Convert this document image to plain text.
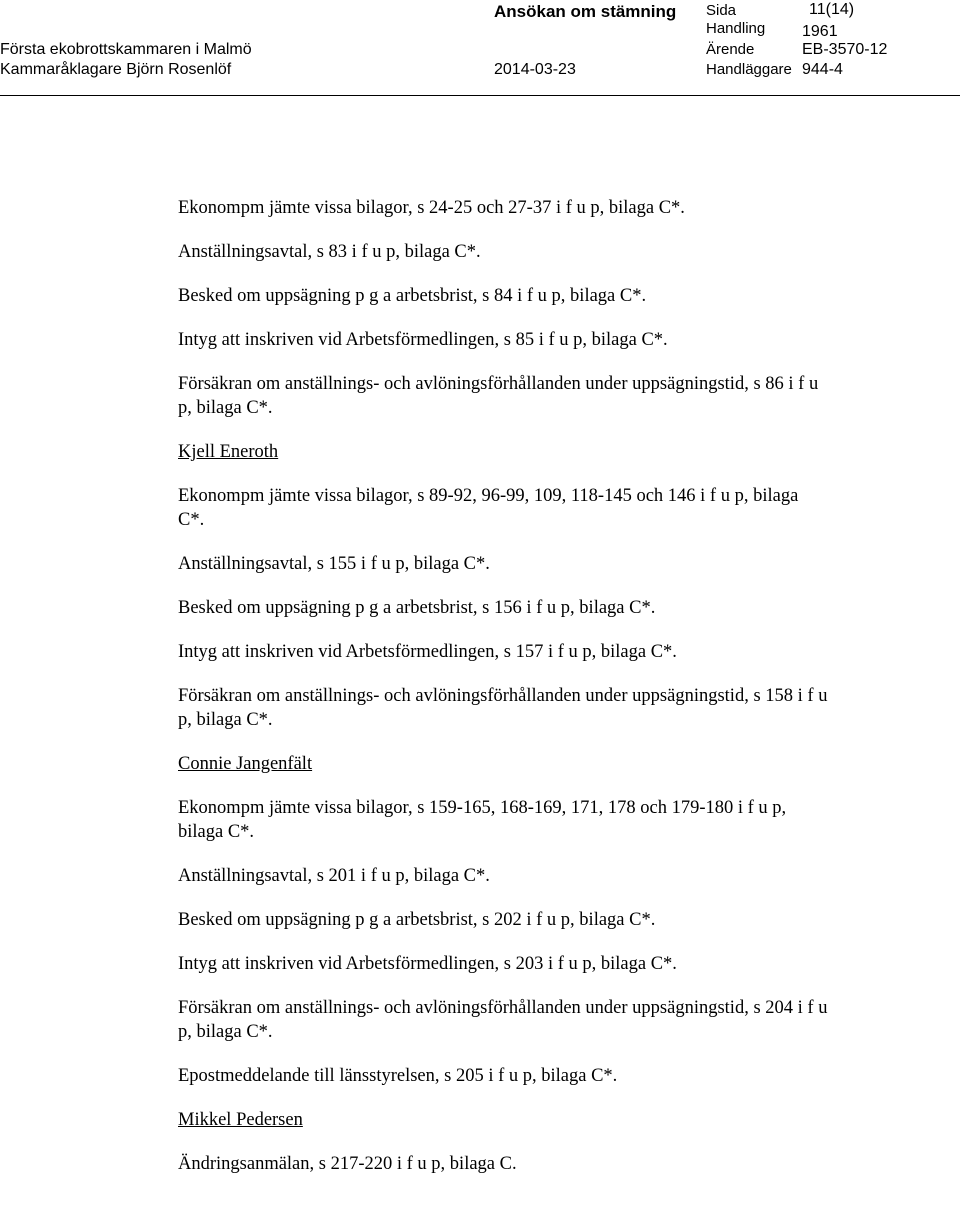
Ansökan om stämning
Första ekobrottskammaren i Malmö
Kammaråklagare Björn Rosenlöf	2014-03-23
Sida	11(14)
Handling 1961
Ärende	EB-3570-12
Handläggare 944-4
Ekonompm jämte vissa bilagor, s 24-25 och 27-37 i f u p, bilaga C*.
Anställningsavtal, s 83 i f u p, bilaga C*.
Besked om uppsägning p g a arbetsbrist, s 84 i f u p, bilaga C*.
Intyg att inskriven vid Arbetsförmedlingen, s 85 i f u p, bilaga C*.
Försäkran om anställnings- och avlöningsförhållanden under uppsägningstid, s 86 i f u p, bilaga C*.
Kjell Eneroth
Ekonompm jämte vissa bilagor, s 89-92, 96-99, 109, 118-145 och 146 i f u p, bilaga C*.
Anställningsavtal, s 155 i f u p, bilaga C*.
Besked om uppsägning p g a arbetsbrist, s 156 i f u p, bilaga C*.
Intyg att inskriven vid Arbetsförmedlingen, s 157 i f u p, bilaga C*.
Försäkran om anställnings- och avlöningsförhållanden under uppsägningstid, s 158 i f u p, bilaga C*.
Connie Jangenfält
Ekonompm jämte vissa bilagor, s 159-165, 168-169, 171, 178 och 179-180 i f u p, bilaga C*.
Anställningsavtal, s 201 i f u p, bilaga C*.
Besked om uppsägning p g a arbetsbrist, s 202 i f u p, bilaga C*.
Intyg att inskriven vid Arbetsförmedlingen, s 203 i f u p, bilaga C*.
Försäkran om anställnings- och avlöningsförhållanden under uppsägningstid, s 204 i f u p, bilaga C*.
Epostmeddelande till länsstyrelsen, s 205 i f u p, bilaga C*.
Mikkel Pedersen
Ändringsanmälan, s 217-220 i f u p, bilaga C.
